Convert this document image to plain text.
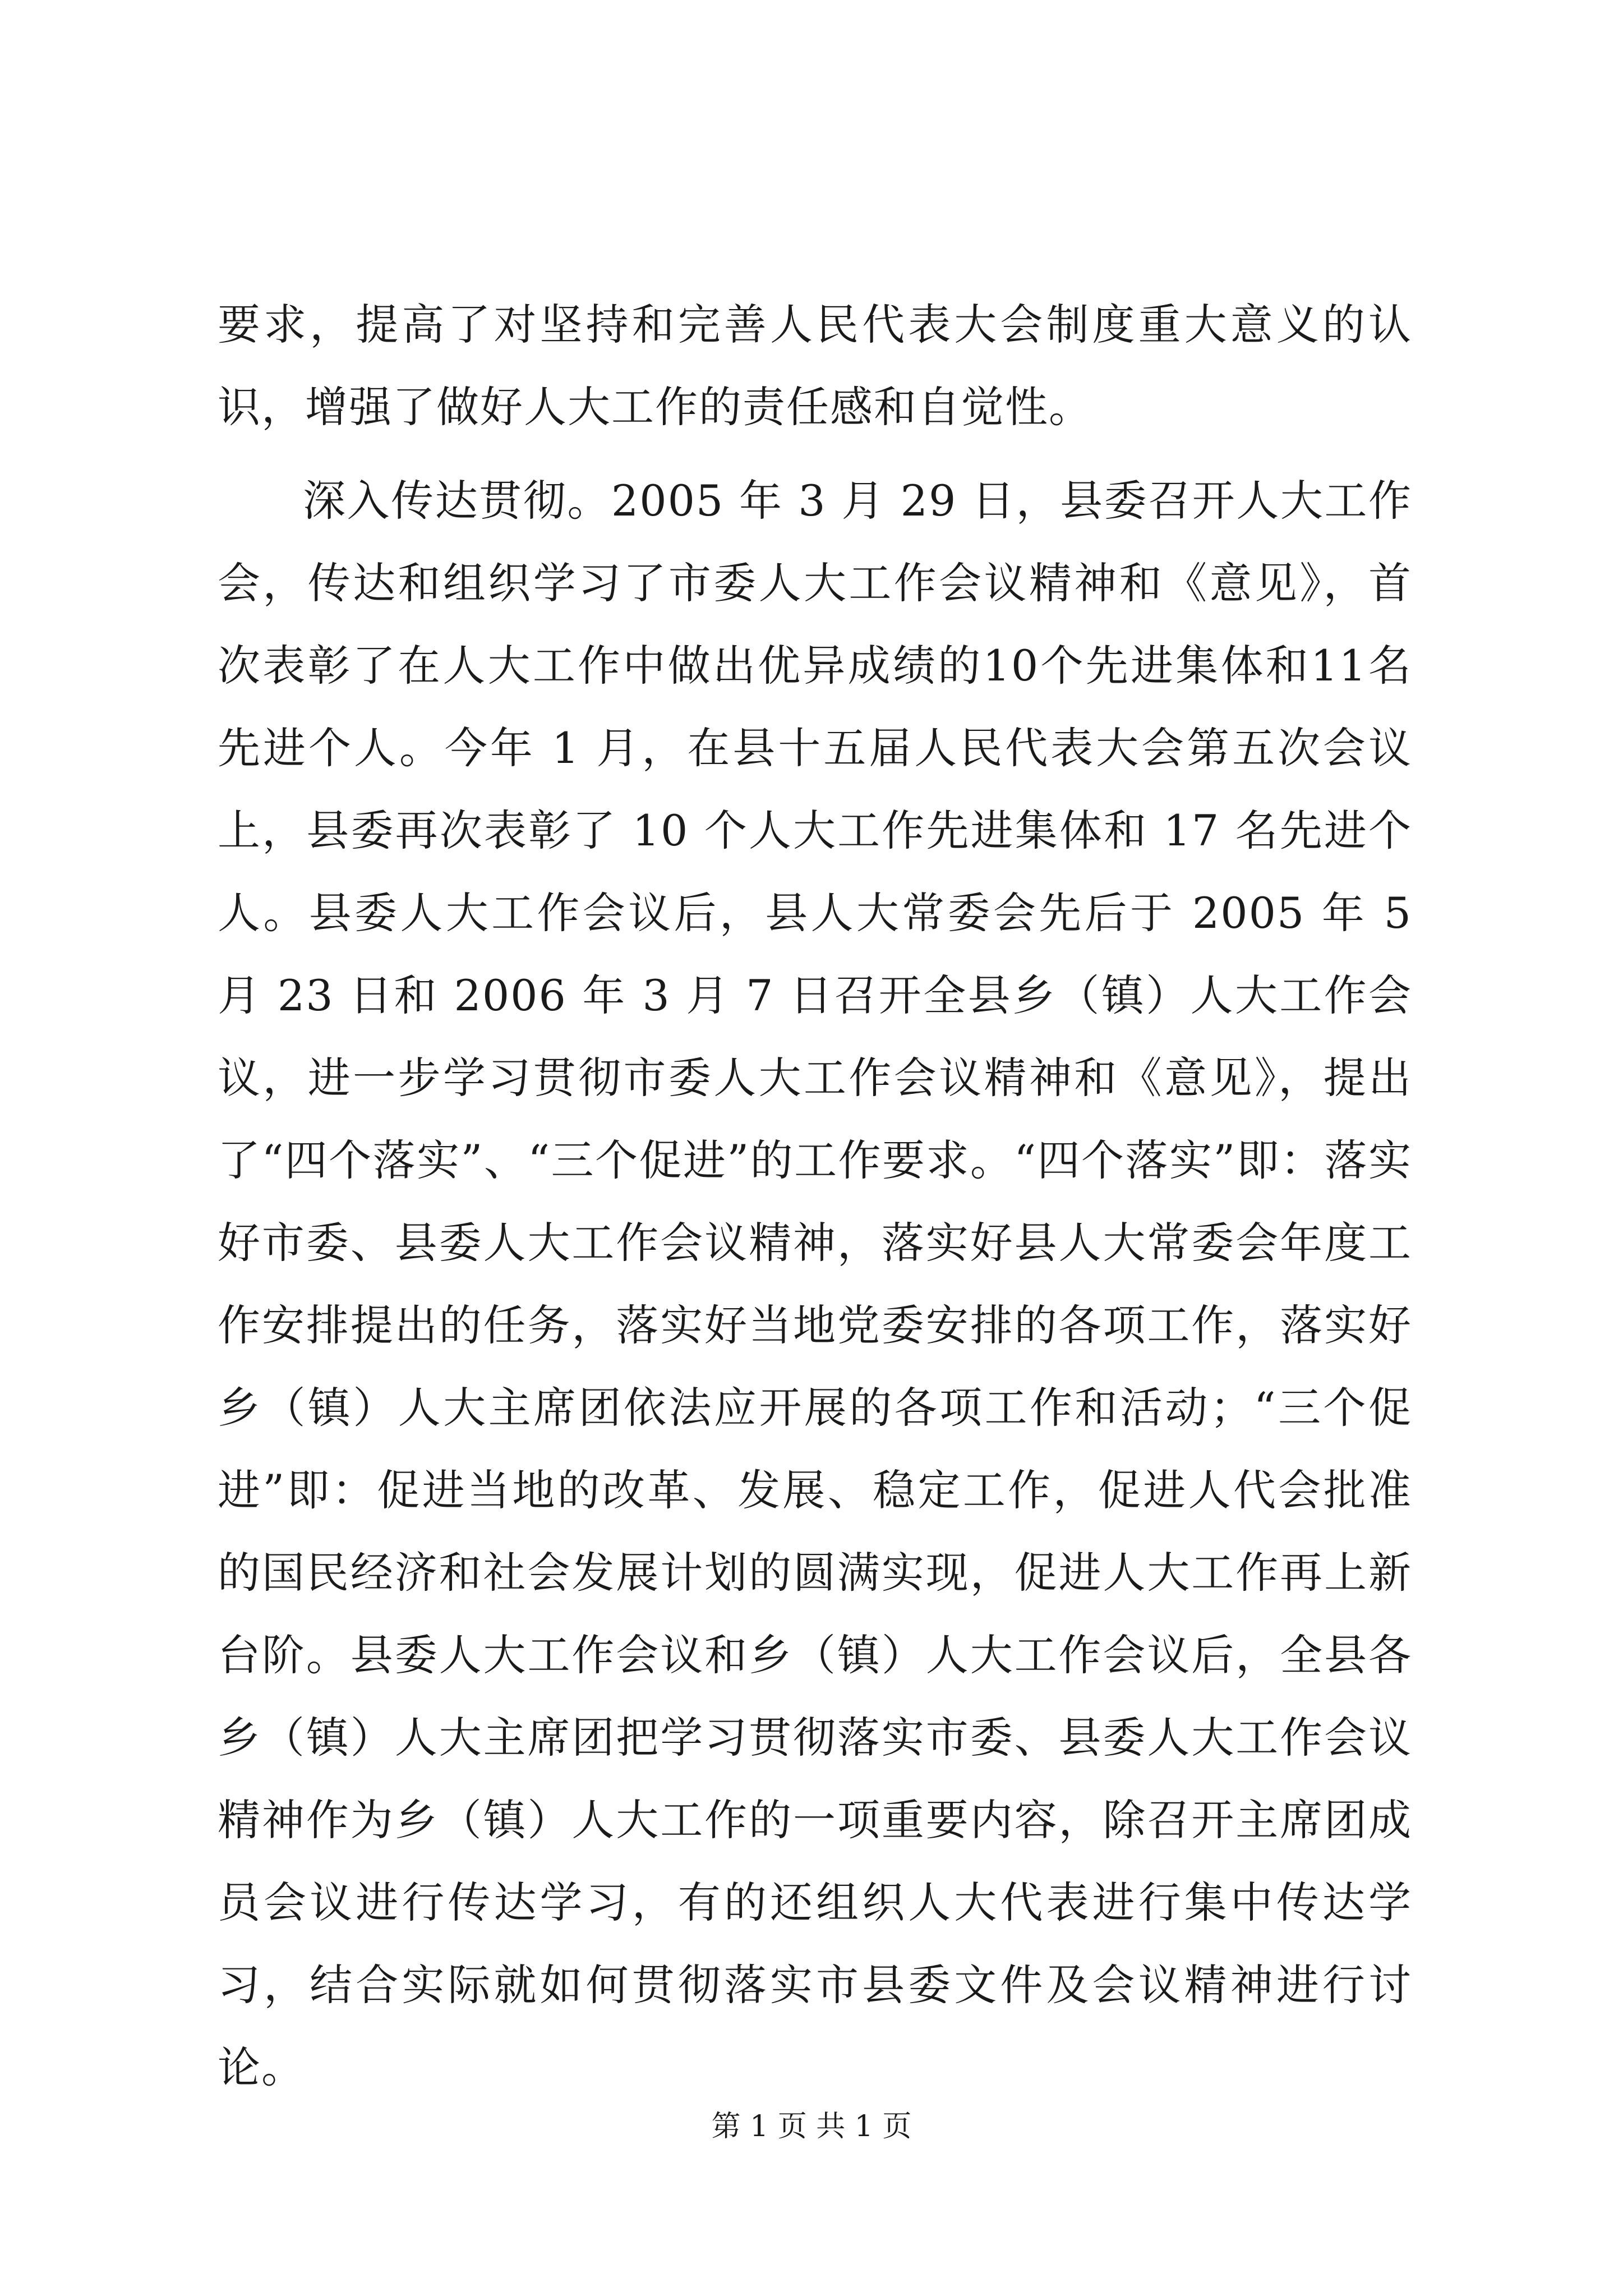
要求，提高了对坚持和完善人民代表大会制度重大意义的认识，增强了做好人大工作的责任感和自觉性。

深入传达贯彻。2005 年 3 月 29 日，县委召开人大工作会，传达和组织学习了市委人大工作会议精神和《意见》，首次表彰了在人大工作中做出优异成绩的10个先进集体和11名先进个人。今年 1 月，在县十五届人民代表大会第五次会议上，县委再次表彰了 10 个人大工作先进集体和 17 名先进个人。县委人大工作会议后，县人大常委会先后于 2005 年 5 月 23 日和 2006 年 3 月 7 日召开全县乡（镇）人大工作会议，进一步学习贯彻市委人大工作会议精神和《意见》，提出了“四个落实”、“三个促进”的工作要求。“四个落实”即：落实好市委、县委人大工作会议精神，落实好县人大常委会年度工作安排提出的任务，落实好当地党委安排的各项工作，落实好乡（镇）人大主席团依法应开展的各项工作和活动；“三个促进”即：促进当地的改革、发展、稳定工作，促进人代会批准的国民经济和社会发展计划的圆满实现，促进人大工作再上新台阶。县委人大工作会议和乡（镇）人大工作会议后，全县各乡（镇）人大主席团把学习贯彻落实市委、县委人大工作会议精神作为乡（镇）人大工作的一项重要内容，除召开主席团成员会议进行传达学习，有的还组织人大代表进行集中传达学习，结合实际就如何贯彻落实市县委文件及会议精神进行讨论。

第 1 页 共 1 页
